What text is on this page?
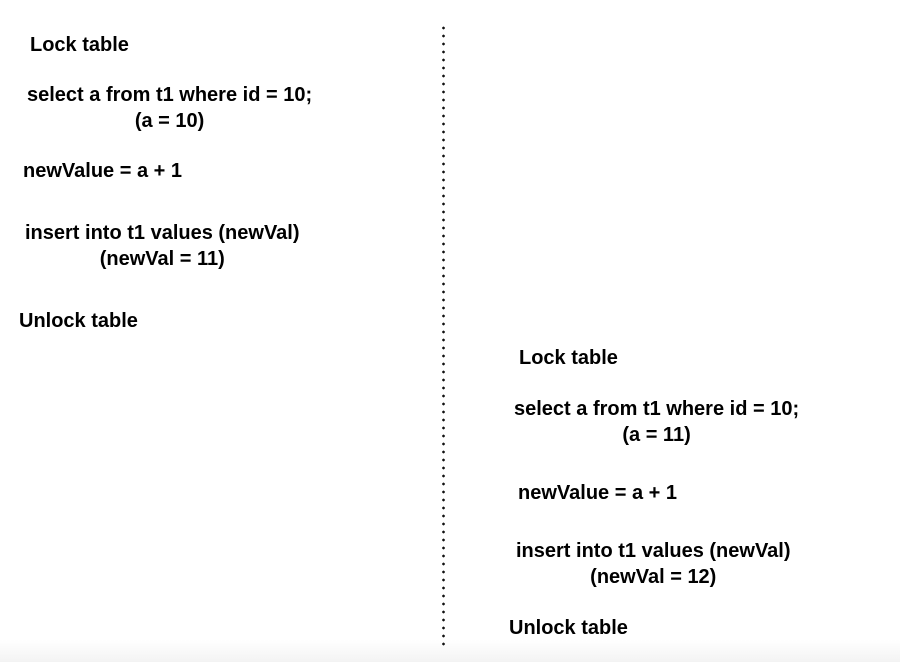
Lock table
select a from t1 where id = 10;
(a = 10)
newValue = a + 1
insert into t1 values (newVal)
(newVal = 11)
Unlock table
Lock table
select a from t1 where id = 10;
(a = 11)
newValue = a + 1
insert into t1 values (newVal)
(newVal = 12)
Unlock table
